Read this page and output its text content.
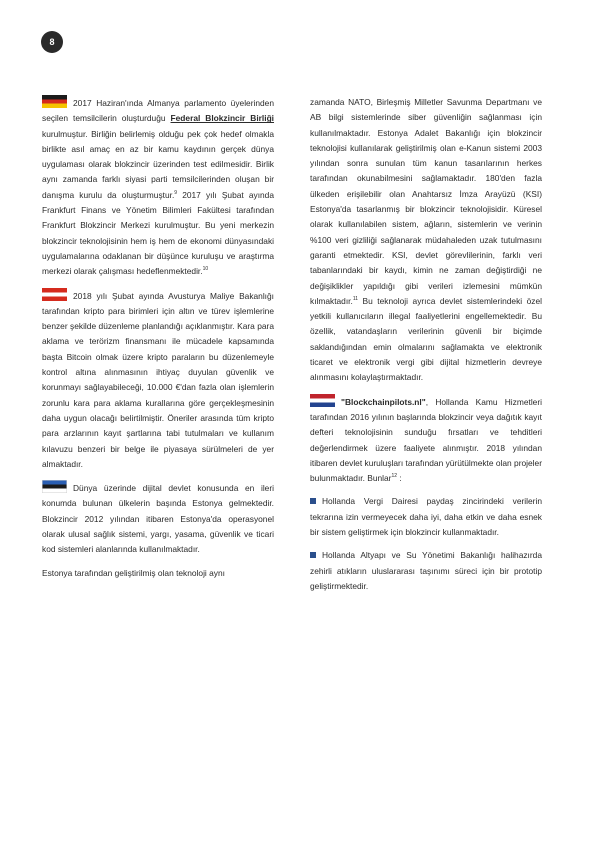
8

2017 Haziran'ında Almanya parlamento üyelerinden seçilen temsilcilerin oluşturduğu Federal Blokzincir Birliği kurulmuştur. Birliğin belirlemiş olduğu pek çok hedef olmakla birlikte asıl amaç en az bir kamu kaydının gerçek dünya uygulaması olarak blokzincir üzerinden test edilmesidir. Birlik aynı zamanda farklı siyasi parti temsilcilerinden oluşan bir danışma kurulu da oluşturmuştur.$^9$ 2017 yılı Şubat ayında Frankfurt Finans ve Yönetim Bilimleri Fakültesi tarafından Frankfurt Blokzincir Merkezi kurulmuştur. Bu yeni merkezin blokzincir teknolojisinin hem iş hem de ekonomi dünyasındaki uygulamalarına odaklanan bir düşünce kuruluşu ve araştırma merkezi olarak çalışması hedeflenmektedir.$^{10}$

2018 yılı Şubat ayında Avusturya Maliye Bakanlığı tarafından kripto para birimleri için altın ve türev işlemlerine benzer şekilde düzenleme planlandığı açıklanmıştır. Kara para aklama ve terörizm finansmanı ile mücadele kapsamında başta Bitcoin olmak üzere kripto paraların bu düzenlemeyle kontrol altına alınmasının ihtiyaç duyulan güvenlik ve korunmayı sağlayabileceği, 10.000 €'dan fazla olan işlemlerin zorunlu kara para aklama kurallarına göre gerçekleşmesinin daha uygun olacağı belirtilmiştir. Öneriler arasında tüm kripto para arzlarının kayıt şartlarına tabi tutulmaları ve kullanım kılavuzu benzeri bir belge ile piyasaya sürülmeleri de yer almaktadır.

Dünya üzerinde dijital devlet konusunda en ileri konumda bulunan ülkelerin başında Estonya gelmektedir. Blokzincir 2012 yılından itibaren Estonya'da operasyonel olarak ulusal sağlık sistemi, yargı, yasama, güvenlik ve ticari kod sistemleri alanlarında kullanılmaktadır.

Estonya tarafından geliştirilmiş olan teknoloji aynı

zamanda NATO, Birleşmiş Milletler Savunma Departmanı ve AB bilgi sistemlerinde siber güvenliğin sağlanması için kullanılmaktadır. Estonya Adalet Bakanlığı için blokzincir teknolojisi kullanılarak geliştirilmiş olan e-Kanun sistemi 2003 yılından sonra sunulan tüm kanun tasarılarının herkes tarafından okunabilmesini sağlamaktadır. 180'den fazla ülkeden erişilebilir olan Anahtarsız İmza Arayüzü (KSI) Estonya'da tasarlanmış bir blokzincir teknolojisidir. Küresel olarak kullanılabilen sistem, ağların, sistemlerin ve verinin %100 veri gizliliği sağlanarak müdahaleden uzak tutulmasını garanti etmektedir. KSI, devlet görevlilerinin, farklı veri tabanlarındaki bir kaydı, kimin ne zaman değiştirdiği ne değişiklikler yapıldığı gibi verileri izlemesini mümkün kılmaktadır.$^{11}$ Bu teknoloji ayrıca devlet sistemlerindeki özel yetkili kullanıcıların illegal faaliyetlerini engellemektedir. Bu özellik, vatandaşların verilerinin güvenli bir biçimde saklandığından emin olmalarını sağlamakta ve elektronik ticaret ve elektronik vergi gibi dijital hizmetlerin devreye alınmasını kolaylaştırmaktadır.

"Blockchainpilots.nl", Hollanda Kamu Hizmetleri tarafından 2016 yılının başlarında blokzincir veya dağıtık kayıt defteri teknolojisinin sunduğu fırsatları ve tehditleri değerlendirmek üzere faaliyete alınmıştır. 2018 yılından itibaren devlet kuruluşları tarafından yürütülmekte olan projeler bulunmaktadır. Bunlar$^{12}$ :

Hollanda Vergi Dairesi paydaş zincirindeki verilerin tekrarına izin vermeyecek daha iyi, daha etkin ve daha esnek bir sistem geliştirmek için blokzincir kullanmaktadır.

Hollanda Altyapı ve Su Yönetimi Bakanlığı halihazırda zehirli atıkların uluslararası taşınımı süreci için bir prototip geliştirmektedir.
